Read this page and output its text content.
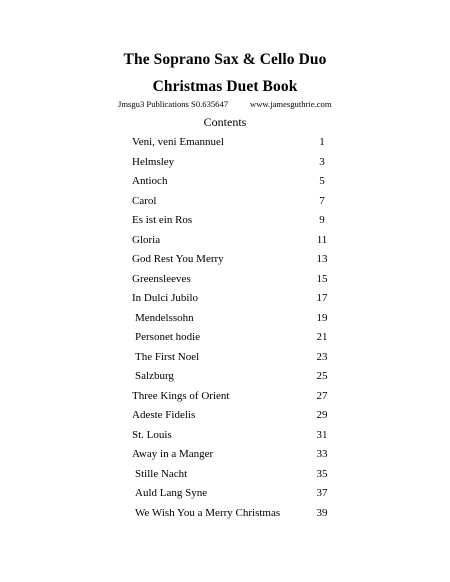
The Soprano Sax & Cello Duo
Christmas Duet Book
Jmsgu3 Publications S0.635647	www.jamesguthrie.com
Contents
Veni, veni Emannuel	1
Helmsley	3
Antioch	5
Carol	7
Es ist ein Ros	9
Gloria	11
God Rest You Merry	13
Greensleeves	15
In Dulci Jubilo	17
Mendelssohn	19
Personet hodie	21
The First Noel	23
Salzburg	25
Three Kings of Orient	27
Adeste Fidelis	29
St. Louis	31
Away in a Manger	33
Stille Nacht	35
Auld Lang Syne	37
We Wish You a Merry Christmas	39
